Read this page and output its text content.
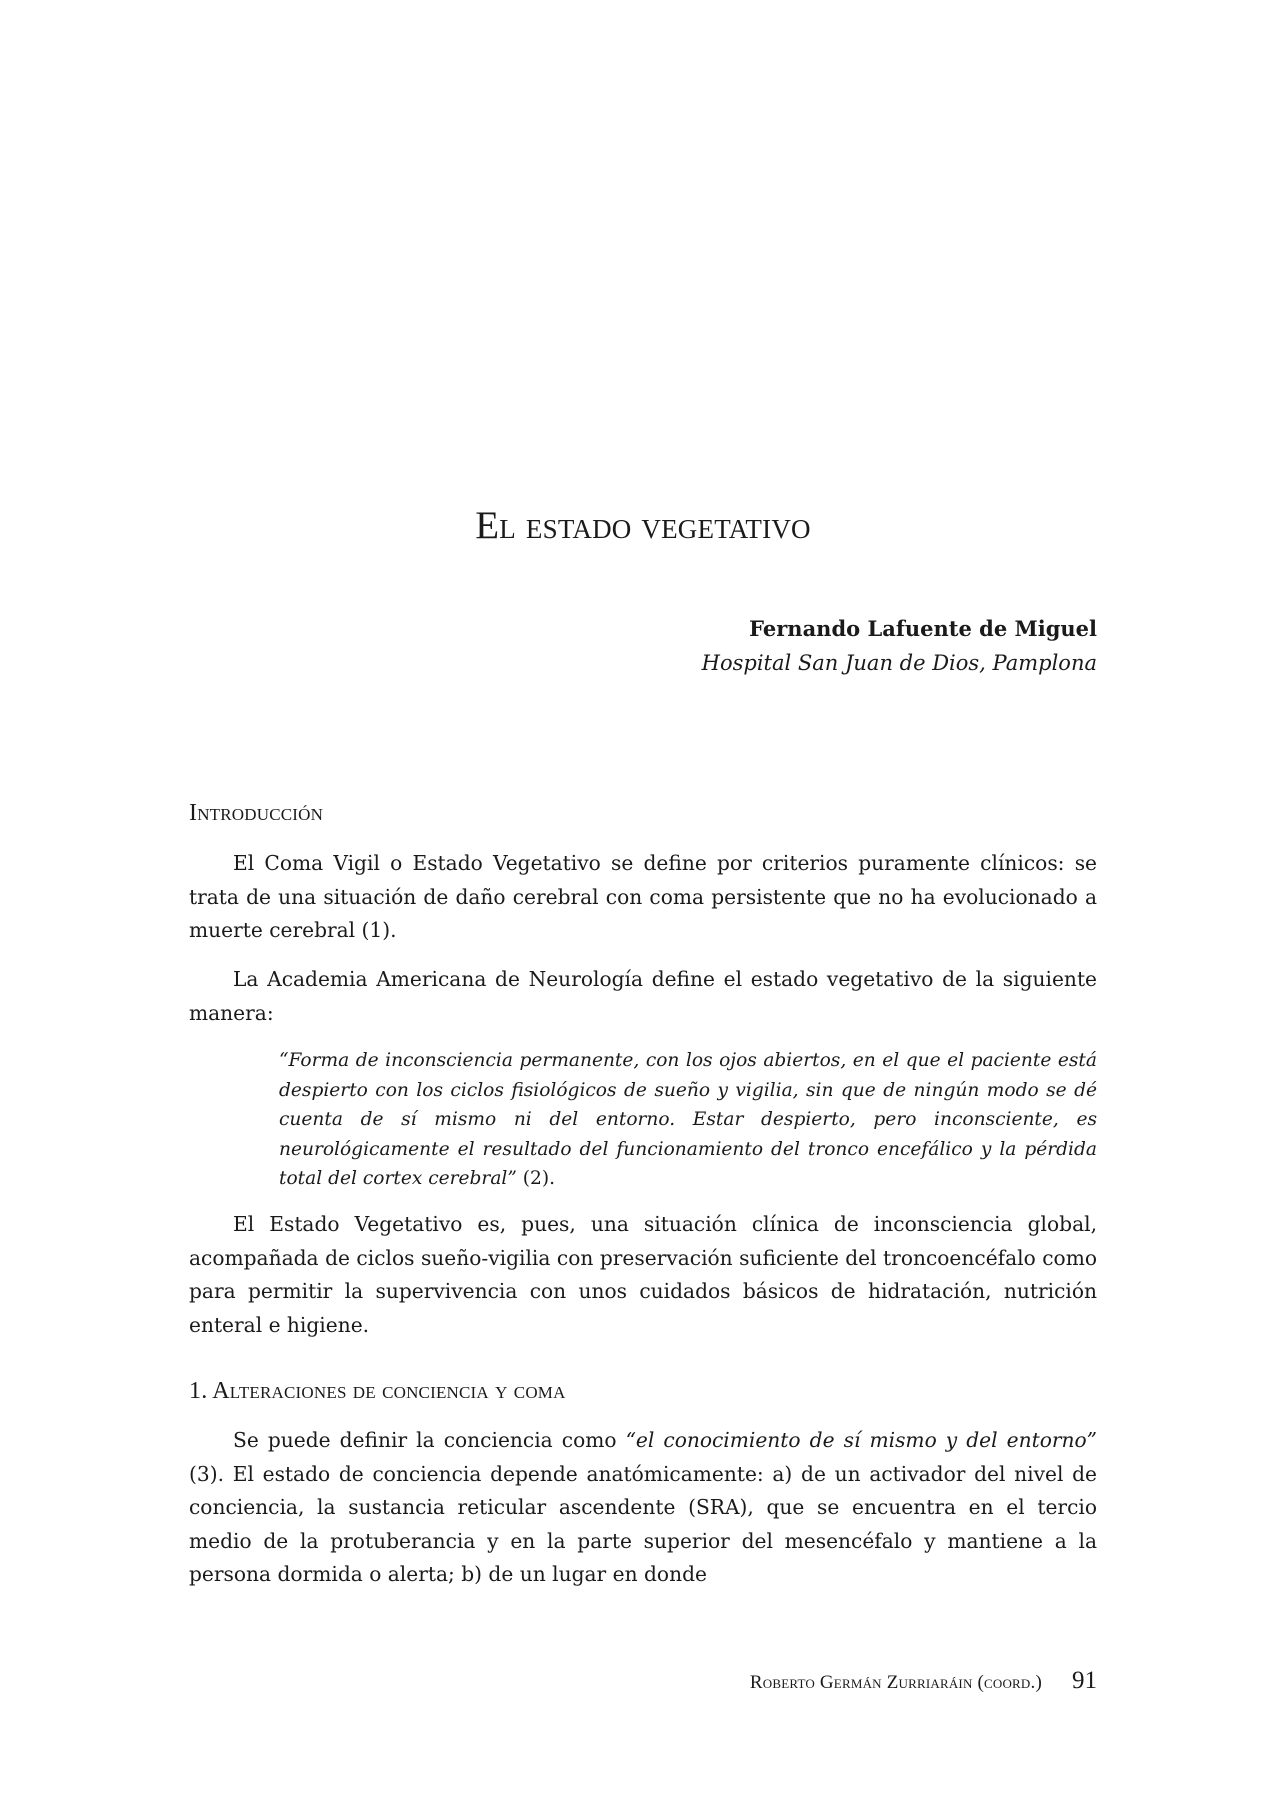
El estado vegetativo
Fernando Lafuente de Miguel
Hospital San Juan de Dios, Pamplona
Introducción

El Coma Vigil o Estado Vegetativo se define por criterios puramente clínicos: se trata de una situación de daño cerebral con coma persistente que no ha evolucionado a muerte cerebral (1).

La Academia Americana de Neurología define el estado vegetativo de la siguiente manera:

“Forma de inconsciencia permanente, con los ojos abiertos, en el que el paciente está despierto con los ciclos fisiológicos de sueño y vigilia, sin que de ningún modo se dé cuenta de sí mismo ni del entorno. Estar despierto, pero inconsciente, es neurológicamente el resultado del funcionamiento del tronco encefálico y la pérdida total del cortex cerebral” (2).

El Estado Vegetativo es, pues, una situación clínica de inconsciencia global, acompañada de ciclos sueño-vigilia con preservación suficiente del troncoencéfalo como para permitir la supervivencia con unos cuidados básicos de hidratación, nutrición enteral e higiene.

1. Alteraciones de conciencia y coma

Se puede definir la conciencia como “el conocimiento de sí mismo y del entorno” (3). El estado de conciencia depende anatómicamente: a) de un activador del nivel de conciencia, la sustancia reticular ascendente (SRA), que se encuentra en el tercio medio de la protuberancia y en la parte superior del mesencéfalo y mantiene a la persona dormida o alerta; b) de un lugar en donde

Roberto Germán Zurriaráin (coord.) 91
